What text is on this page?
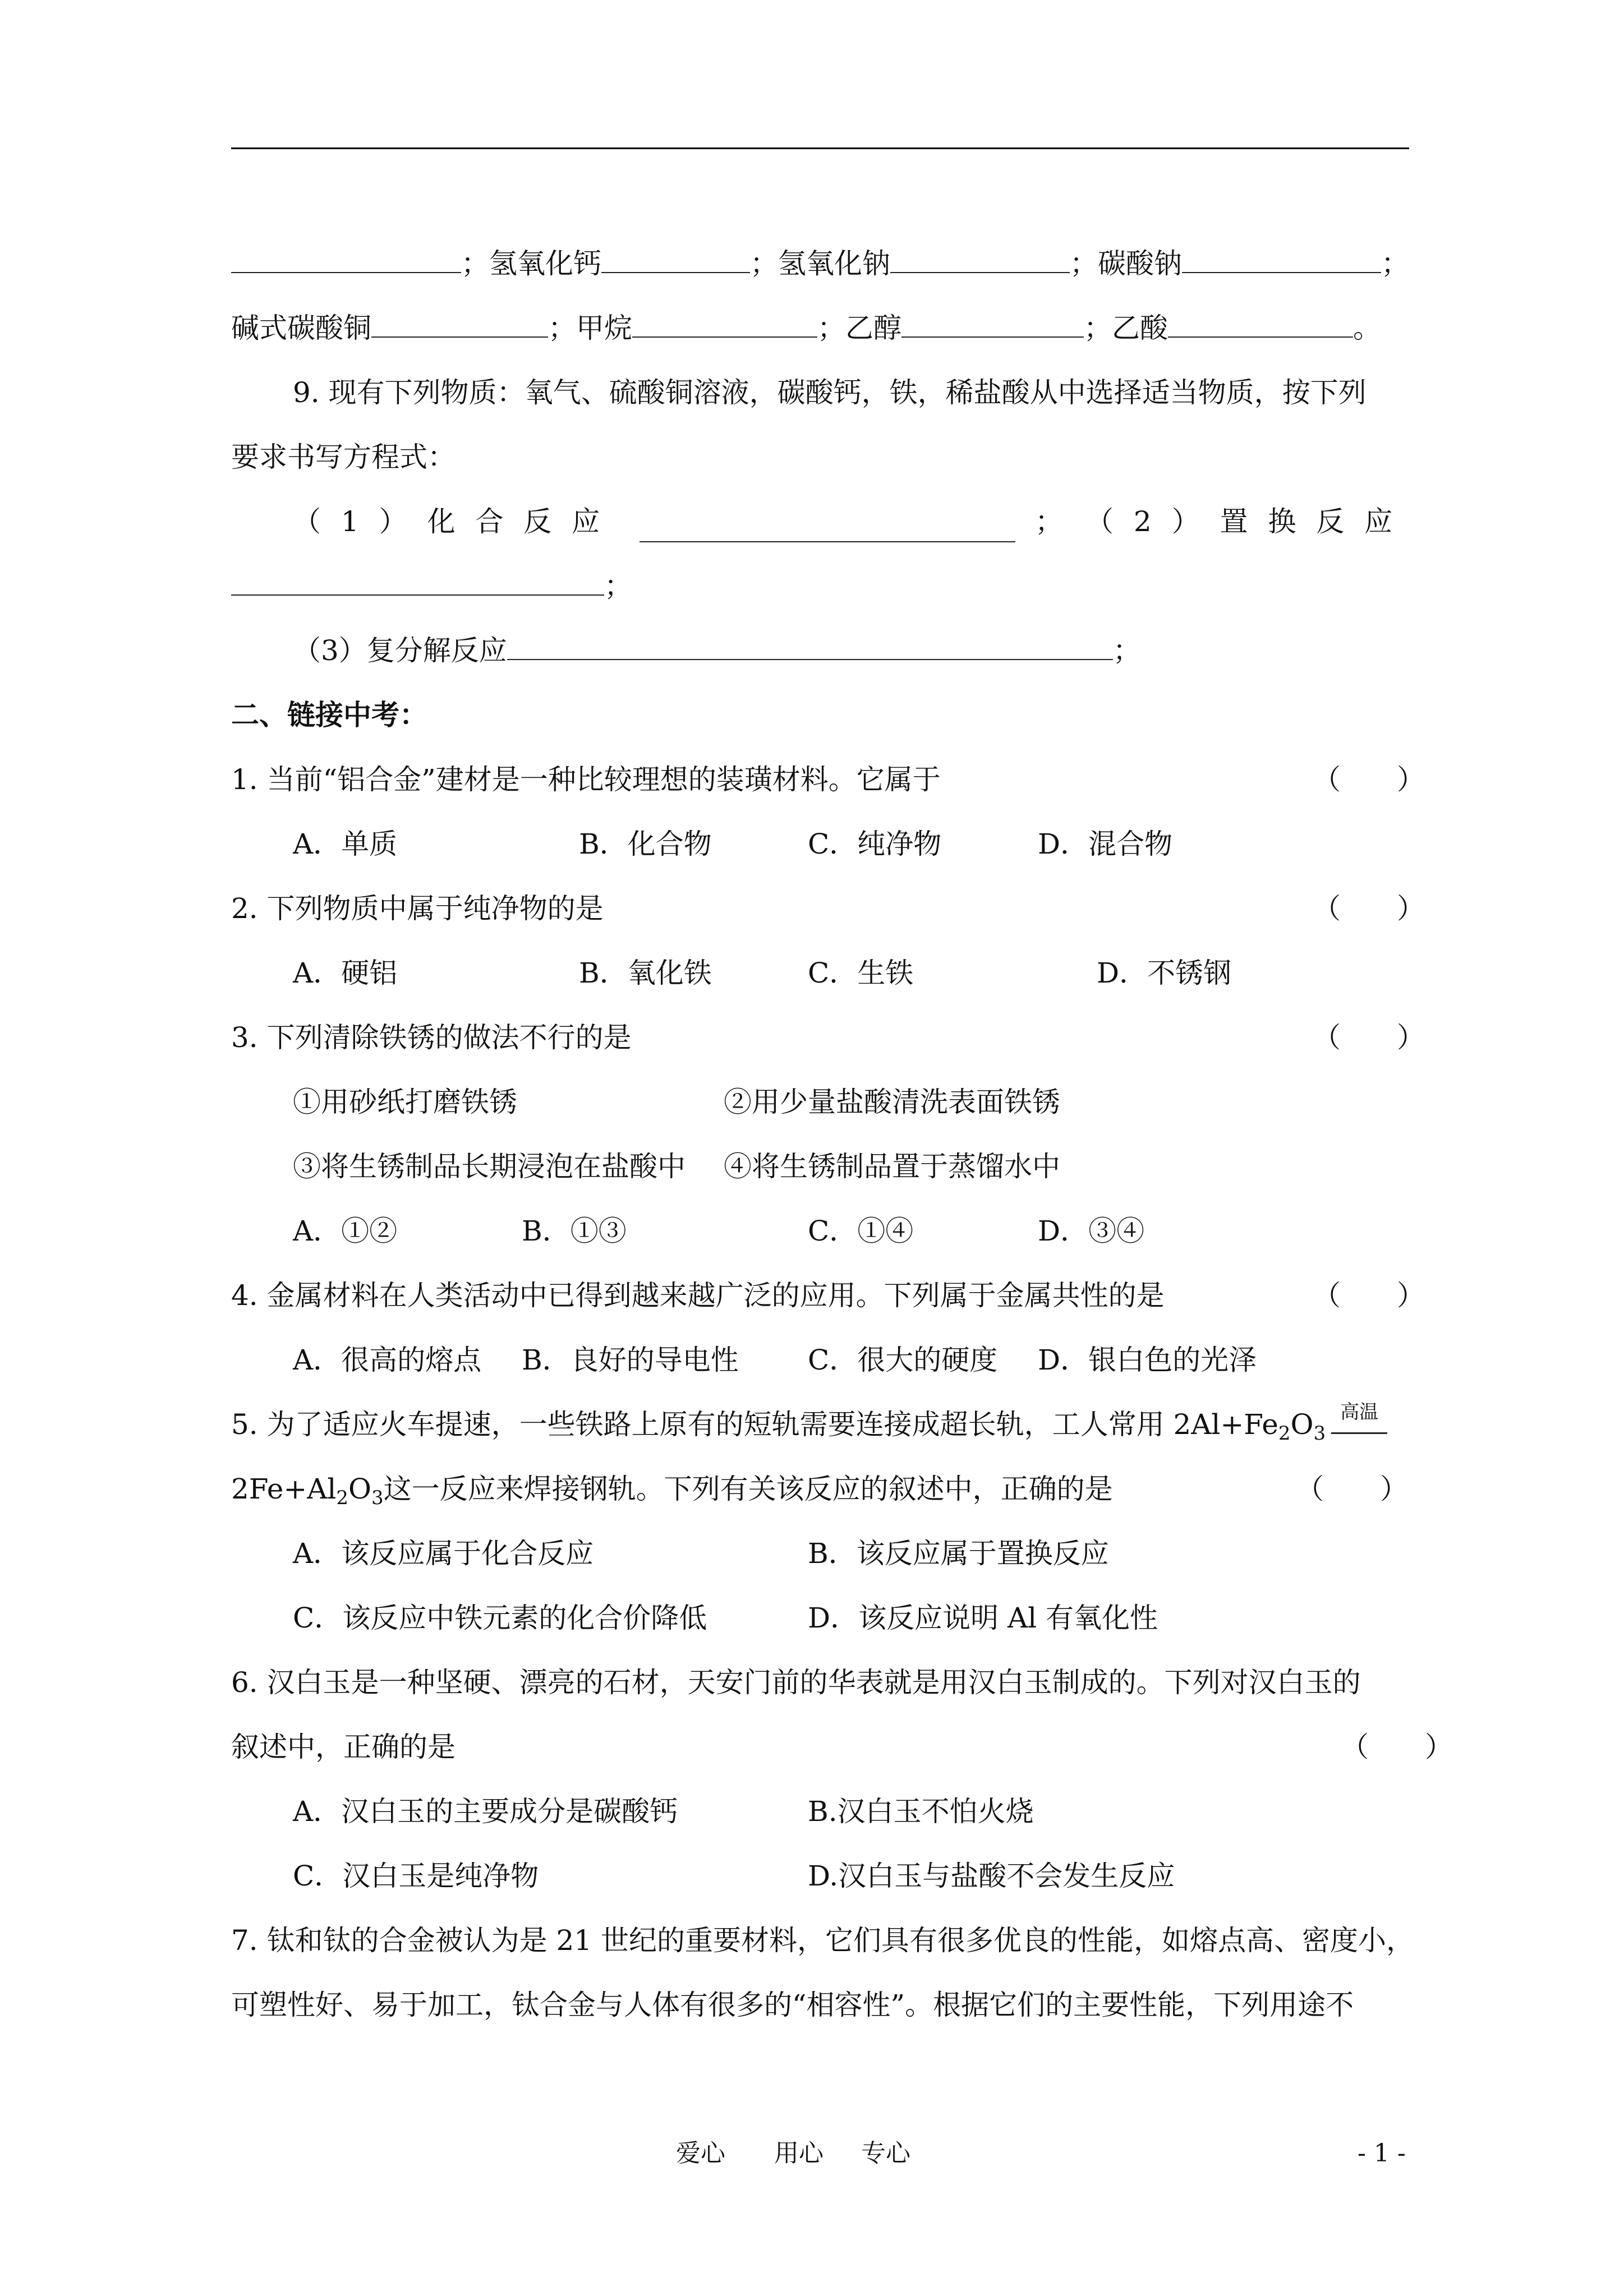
；氢氧化钙	；氢氧化钠	；碳酸钠	；
碱式碳酸铜	；甲烷	；乙醇	；乙酸	。
9. 现有下列物质：氧气、硫酸铜溶液，碳酸钙，铁，稀盐酸从中选择适当物质，按下列
要求书写方程式：
（ 1 ） 化 合 反 应	； （ 2 ） 置 换 反 应
；
（3）复分解反应	；
二、链接中考：
1. 当前“铝合金”建材是一种比较理想的装璜材料。它属于	（　　）
A．单质	B．化合物	C．纯净物	D．混合物
2. 下列物质中属于纯净物的是	（　　）
A．硬铝	B．氧化铁	C．生铁	D．不锈钢
3. 下列清除铁锈的做法不行的是	（　　）
①用砂纸打磨铁锈	②用少量盐酸清洗表面铁锈
③将生锈制品长期浸泡在盐酸中 ④将生锈制品置于蒸馏水中
A．①②	B．①③	C．①④	D．③④
4. 金属材料在人类活动中已得到越来越广泛的应用。下列属于金属共性的是	（　　）
A．很高的熔点 B．良好的导电性 C．很大的硬度 D．银白色的光泽
5. 为了适应火车提速，一些铁路上原有的短轨需要连接成超长轨，工人常用 $2Al+Fe_2O_3$
高温
$2Fe+Al_2O_3$这一反应来焊接钢轨。下列有关该反应的叙述中，正确的是	（　　）
A．该反应属于化合反应	B．该反应属于置换反应
C．该反应中铁元素的化合价降低	D．该反应说明 Al 有氧化性
6. 汉白玉是一种坚硬、漂亮的石材，天安门前的华表就是用汉白玉制成的。下列对汉白玉的
叙述中，正确的是	（　　）
A．汉白玉的主要成分是碳酸钙	B.汉白玉不怕火烧
C．汉白玉是纯净物	D.汉白玉与盐酸不会发生反应
7. 钛和钛的合金被认为是 21 世纪的重要材料，它们具有很多优良的性能，如熔点高、密度小，
可塑性好、易于加工，钛合金与人体有很多的“相容性”。根据它们的主要性能，下列用途不
爱心 用心 专心	- 1 -
